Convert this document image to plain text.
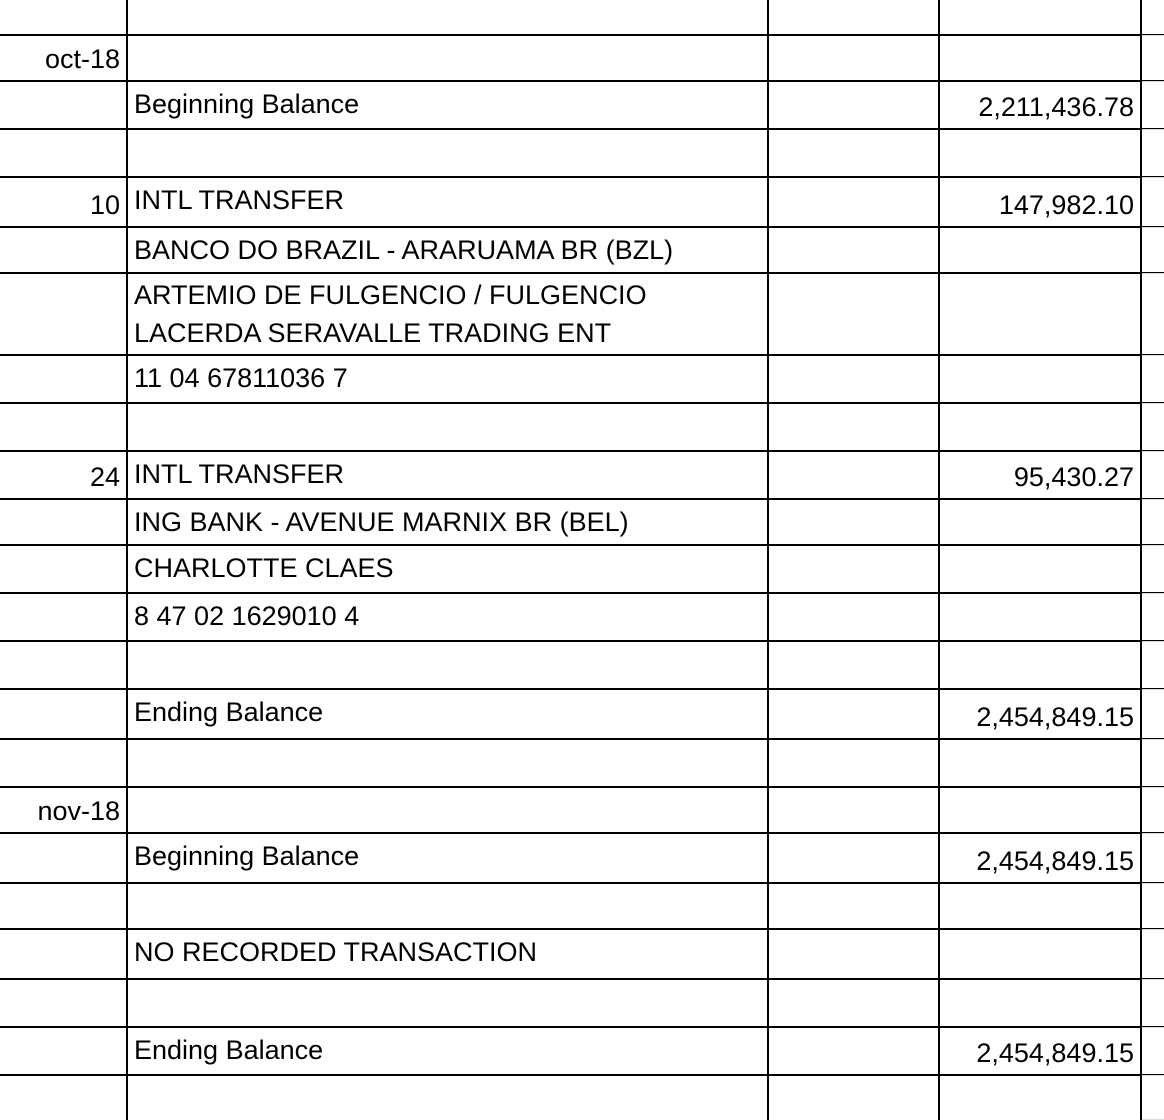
oct-18
Beginning Balance	2,211,436.78
10 INTL TRANSFER	147,982.10
BANCO DO BRAZIL - ARARUAMA BR (BZL)
ARTEMIO DE FULGENCIO / FULGENCIO LACERDA SERAVALLE TRADING ENT
11 04 67811036 7
24 INTL TRANSFER	95,430.27
ING BANK - AVENUE MARNIX BR (BEL)
CHARLOTTE CLAES
8 47 02 1629010 4
Ending Balance	2,454,849.15
nov-18
Beginning Balance	2,454,849.15
NO RECORDED TRANSACTION
Ending Balance	2,454,849.15
